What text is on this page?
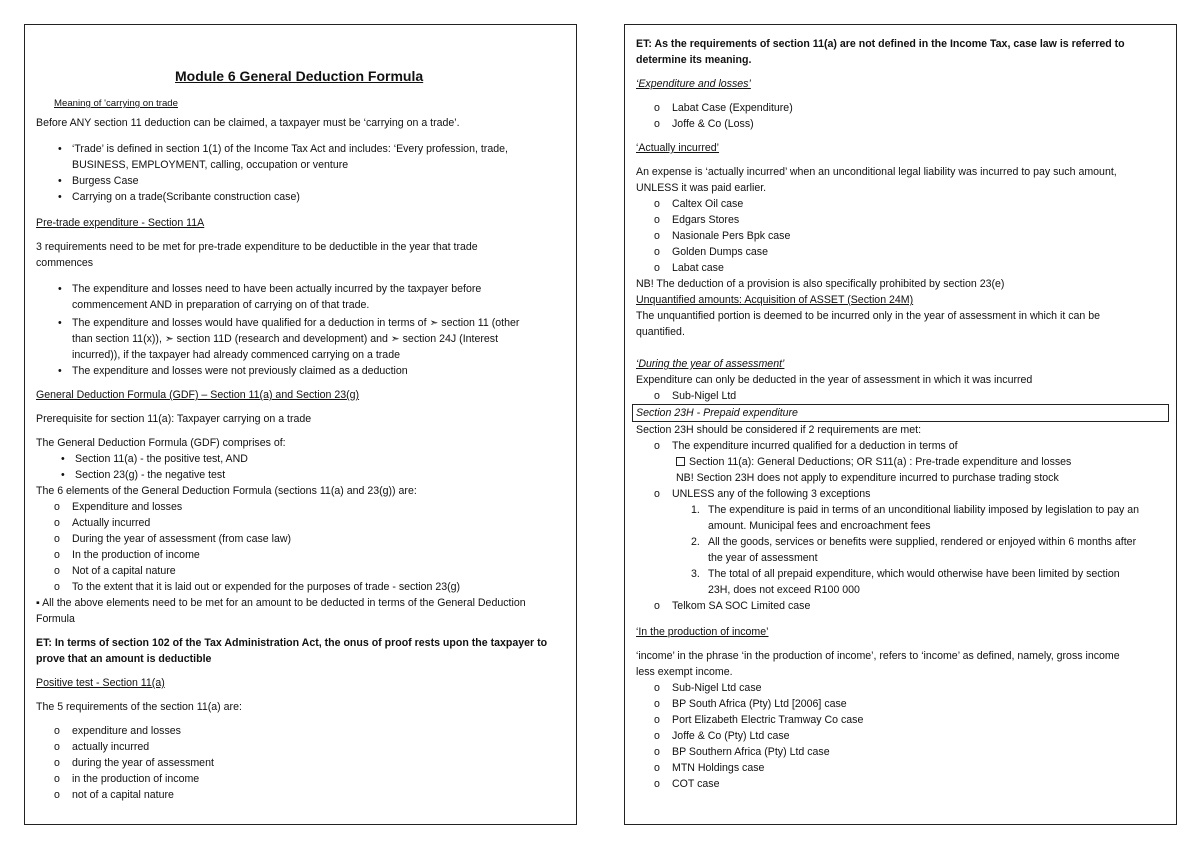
Module 6 General Deduction Formula
Meaning of 'carrying on trade
Before ANY section 11 deduction can be claimed, a taxpayer must be ‘carrying on a trade’.
• ‘Trade’ is defined in section 1(1) of the Income Tax Act and includes: ‘Every profession, trade,
BUSINESS, EMPLOYMENT, calling, occupation or venture
• Burgess Case
• Carrying on a trade(Scribante construction case)
Pre-trade expenditure - Section 11A
3 requirements need to be met for pre-trade expenditure to be deductible in the year that trade
commences
• The expenditure and losses need to have been actually incurred by the taxpayer before
commencement AND in preparation of carrying on of that trade.
• The expenditure and losses would have qualified for a deduction in terms of ➣ section 11 (other
than section 11(x)), ➣ section 11D (research and development) and ➣ section 24J (Interest
incurred)), if the taxpayer had already commenced carrying on a trade
• The expenditure and losses were not previously claimed as a deduction
General Deduction Formula (GDF) – Section 11(a) and Section 23(g)
Prerequisite for section 11(a): Taxpayer carrying on a trade
The General Deduction Formula (GDF) comprises of:
• Section 11(a) - the positive test, AND
• Section 23(g) - the negative test
The 6 elements of the General Deduction Formula (sections 11(a) and 23(g)) are:
o Expenditure and losses
o Actually incurred
o During the year of assessment (from case law)
o In the production of income
o Not of a capital nature
o To the extent that it is laid out or expended for the purposes of trade - section 23(g)
▪ All the above elements need to be met for an amount to be deducted in terms of the General Deduction
Formula
ET: In terms of section 102 of the Tax Administration Act, the onus of proof rests upon the taxpayer to
prove that an amount is deductible
Positive test - Section 11(a)
The 5 requirements of the section 11(a) are:
o expenditure and losses
o actually incurred
o during the year of assessment
o in the production of income
o not of a capital nature
ET: As the requirements of section 11(a) are not defined in the Income Tax, case law is referred to
determine its meaning.
‘Expenditure and losses’
o Labat Case (Expenditure)
o Joffe & Co (Loss)
‘Actually incurred’
An expense is ‘actually incurred’ when an unconditional legal liability was incurred to pay such amount,
UNLESS it was paid earlier.
o Caltex Oil case
o Edgars Stores
o Nasionale Pers Bpk case
o Golden Dumps case
o Labat case
NB! The deduction of a provision is also specifically prohibited by section 23(e)
Unquantified amounts: Acquisition of ASSET (Section 24M)
The unquantified portion is deemed to be incurred only in the year of assessment in which it can be
quantified.
‘During the year of assessment’
Expenditure can only be deducted in the year of assessment in which it was incurred
o Sub-Nigel Ltd
Section 23H - Prepaid expenditure
Section 23H should be considered if 2 requirements are met:
o The expenditure incurred qualified for a deduction in terms of
Section 11(a): General Deductions; OR S11(a) : Pre-trade expenditure and losses
NB! Section 23H does not apply to expenditure incurred to purchase trading stock
o UNLESS any of the following 3 exceptions
1. The expenditure is paid in terms of an unconditional liability imposed by legislation to pay an
amount. Municipal fees and encroachment fees
2. All the goods, services or benefits were supplied, rendered or enjoyed within 6 months after
the year of assessment
3. The total of all prepaid expenditure, which would otherwise have been limited by section
23H, does not exceed R100 000
o Telkom SA SOC Limited case
‘In the production of income’
‘income’ in the phrase ‘in the production of income’, refers to ‘income’ as defined, namely, gross income
less exempt income.
o Sub-Nigel Ltd case
o BP South Africa (Pty) Ltd [2006] case
o Port Elizabeth Electric Tramway Co case
o Joffe & Co (Pty) Ltd case
o BP Southern Africa (Pty) Ltd case
o MTN Holdings case
o COT case
